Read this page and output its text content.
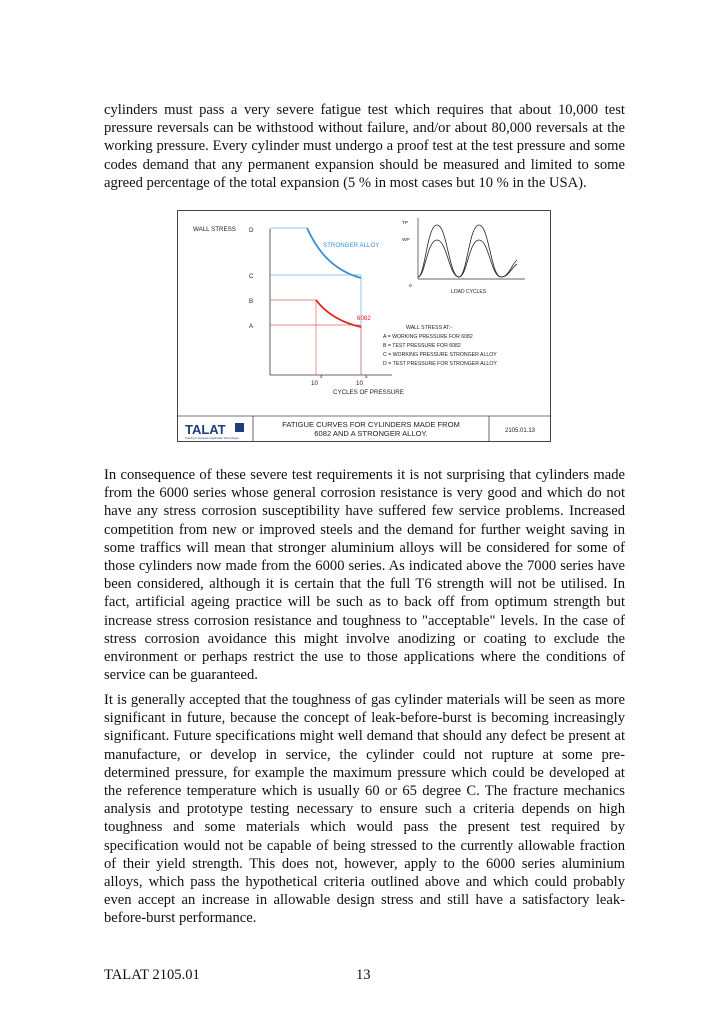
cylinders must pass a very severe fatigue test which requires that about 10,000 test
pressure reversals can be withstood without failure, and/or about 80,000 reversals at the
working pressure. Every cylinder must undergo a proof test at the test pressure and some
codes demand that any permanent expansion should be measured and limited to some
agreed percentage of the total expansion (5 % in most cases but 10 % in the USA).
WALL STRESS D
C
B
A
STRONGER ALLOY
6082
10
4
10
5
CYCLES OF PRESSURE
TP
WP
0
LOAD CYCLES
WALL STRESS AT:-
A = WORKING PRESSURE FOR 6082
B = TEST PRESSURE FOR 6082
C = WORKING PRESSURE STRONGER ALLOY
D = TEST PRESSURE FOR STRONGER ALLOY
TALAT
Training in Aluminium Application Technologies
FATIGUE CURVES FOR CYLINDERS MADE FROM
6082 AND A STRONGER ALLOY.	2105.01.13
In consequence of these severe test requirements it is not surprising that cylinders made
from the 6000 series whose general corrosion resistance is very good and which do not
have any stress corrosion susceptibility have suffered few service problems. Increased
competition from new or improved steels and the demand for further weight saving in
some traffics will mean that stronger aluminium alloys will be considered for some of
those cylinders now made from the 6000 series. As indicated above the 7000 series have
been considered, although it is certain that the full T6 strength will not be utilised. In
fact, artificial ageing practice will be such as to back off from optimum strength but
increase stress corrosion resistance and toughness to "acceptable" levels. In the case of
stress corrosion avoidance this might involve anodizing or coating to exclude the
environment or perhaps restrict the use to those applications where the conditions of
service can be guaranteed.
It is generally accepted that the toughness of gas cylinder materials will be seen as more
significant in future, because the concept of leak-before-burst is becoming increasingly
significant. Future specifications might well demand that should any defect be present at
manufacture, or develop in service, the cylinder could not rupture at some pre-
determined pressure, for example the maximum pressure which could be developed at
the reference temperature which is usually 60 or 65 degree C. The fracture mechanics
analysis and prototype testing necessary to ensure such a criteria depends on high
toughness and some materials which would pass the present test required by
specification would not be capable of being stressed to the currently allowable fraction
of their yield strength. This does not, however, apply to the 6000 series aluminium
alloys, which pass the hypothetical criteria outlined above and which could probably
even accept an increase in allowable design stress and still have a satisfactory leak-
before-burst performance.
TALAT 2105.01	13
